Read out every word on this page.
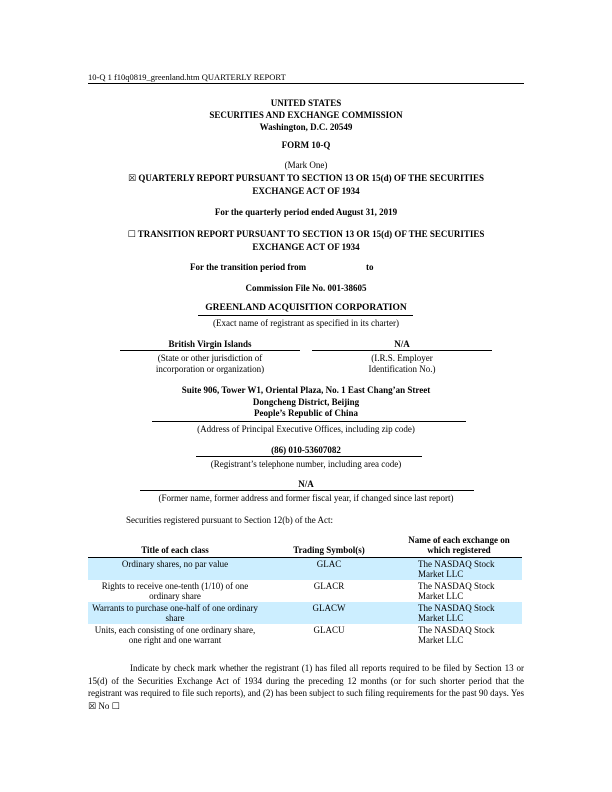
10-Q 1 f10q0819_greenland.htm QUARTERLY REPORT
UNITED STATES
SECURITIES AND EXCHANGE COMMISSION
Washington, D.C. 20549
FORM 10-Q
(Mark One)
☒ QUARTERLY REPORT PURSUANT TO SECTION 13 OR 15(d) OF THE SECURITIES
EXCHANGE ACT OF 1934
For the quarterly period ended August 31, 2019
☐ TRANSITION REPORT PURSUANT TO SECTION 13 OR 15(d) OF THE SECURITIES
EXCHANGE ACT OF 1934
For the transition period from	to
Commission File No. 001-38605
GREENLAND ACQUISITION CORPORATION
(Exact name of registrant as specified in its charter)
British Virgin Islands
(State or other jurisdiction of
incorporation or organization)
N/A
(I.R.S. Employer
Identification No.)
Suite 906, Tower W1, Oriental Plaza, No. 1 East Chang’an Street
Dongcheng District, Beijing
People’s Republic of China
(Address of Principal Executive Offices, including zip code)
(86) 010-53607082
(Registrant’s telephone number, including area code)
N/A
(Former name, former address and former fiscal year, if changed since last report)
Securities registered pursuant to Section 12(b) of the Act:
Title of each class	Trading Symbol(s)	Name of each exchange on
which registered

Ordinary shares, no par value	GLAC	The NASDAQ Stock Market LLC
Rights to receive one-tenth (1/10) of one ordinary share	GLACR	The NASDAQ Stock Market LLC
Warrants to purchase one-half of one ordinary share	GLACW	The NASDAQ Stock Market LLC
Units, each consisting of one ordinary share, one right and one warrant	GLACU	The NASDAQ Stock Market LLC
Indicate by check mark whether the registrant (1) has filed all reports required to be filed by Section 13 or 15(d) of the Securities Exchange Act of 1934 during the preceding 12 months (or for such shorter period that the registrant was required to file such reports), and (2) has been subject to such filing requirements for the past 90 days. Yes ☒ No ☐
